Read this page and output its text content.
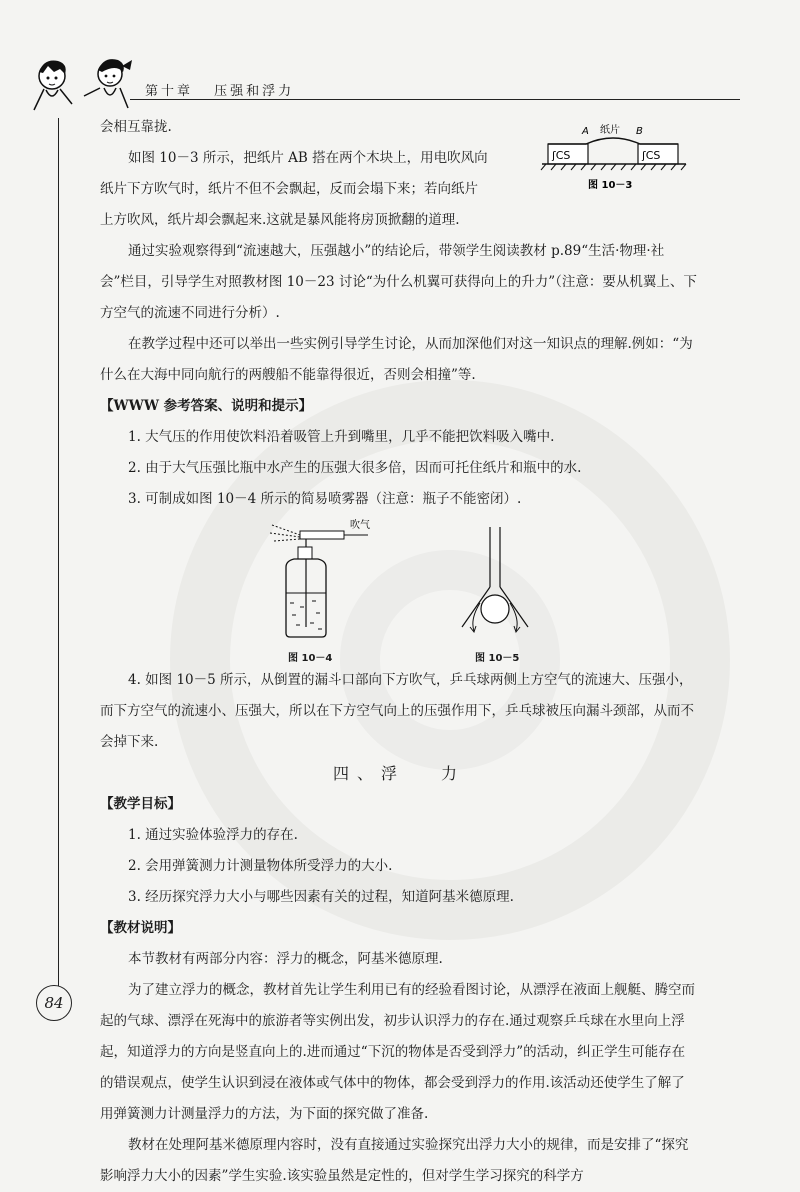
第十章 压强和浮力
A 纸片 B
ʃCS	ʃCS
图 10－3

会相互靠拢.

如图 10－3 所示，把纸片 AB 搭在两个木块上，用电吹风向

纸片下方吹气时，纸片不但不会飘起，反而会塌下来；若向纸片

上方吹风，纸片却会飘起来.这就是暴风能将房顶掀翻的道理.

通过实验观察得到“流速越大，压强越小”的结论后，带领学生阅读教材 p.89“生活·物理·社会”栏目，引导学生对照教材图 10－23 讨论“为什么机翼可获得向上的升力”（注意：要从机翼上、下方空气的流速不同进行分析）.

在教学过程中还可以举出一些实例引导学生讨论，从而加深他们对这一知识点的理解.例如：“为什么在大海中同向航行的两艘船不能靠得很近，否则会相撞”等.

【WWW 参考答案、说明和提示】

1. 大气压的作用使饮料沿着吸管上升到嘴里，几乎不能把饮料吸入嘴中.

2. 由于大气压强比瓶中水产生的压强大很多倍，因而可托住纸片和瓶中的水.

3. 可制成如图 10－4 所示的简易喷雾器（注意：瓶子不能密闭）.

吹气
图 10－4	图 10－5

4. 如图 10－5 所示，从倒置的漏斗口部向下方吹气，乒乓球两侧上方空气的流速大、压强小，而下方空气的流速小、压强大，所以在下方空气向上的压强作用下，乒乓球被压向漏斗颈部，从而不会掉下来.

四、浮 力

【教学目标】

1. 通过实验体验浮力的存在.

2. 会用弹簧测力计测量物体所受浮力的大小.

3. 经历探究浮力大小与哪些因素有关的过程，知道阿基米德原理.

【教材说明】

本节教材有两部分内容：浮力的概念，阿基米德原理.

为了建立浮力的概念，教材首先让学生利用已有的经验看图讨论，从漂浮在液面上舰艇、腾空而起的气球、漂浮在死海中的旅游者等实例出发，初步认识浮力的存在.通过观察乒乓球在水里向上浮起，知道浮力的方向是竖直向上的.进而通过“下沉的物体是否受到浮力”的活动，纠正学生可能存在的错误观点，使学生认识到浸在液体或气体中的物体，都会受到浮力的作用.该活动还使学生了解了用弹簧测力计测量浮力的方法，为下面的探究做了准备.

教材在处理阿基米德原理内容时，没有直接通过实验探究出浮力大小的规律，而是安排了“探究影响浮力大小的因素”学生实验.该实验虽然是定性的，但对学生学习探究的科学方

84
